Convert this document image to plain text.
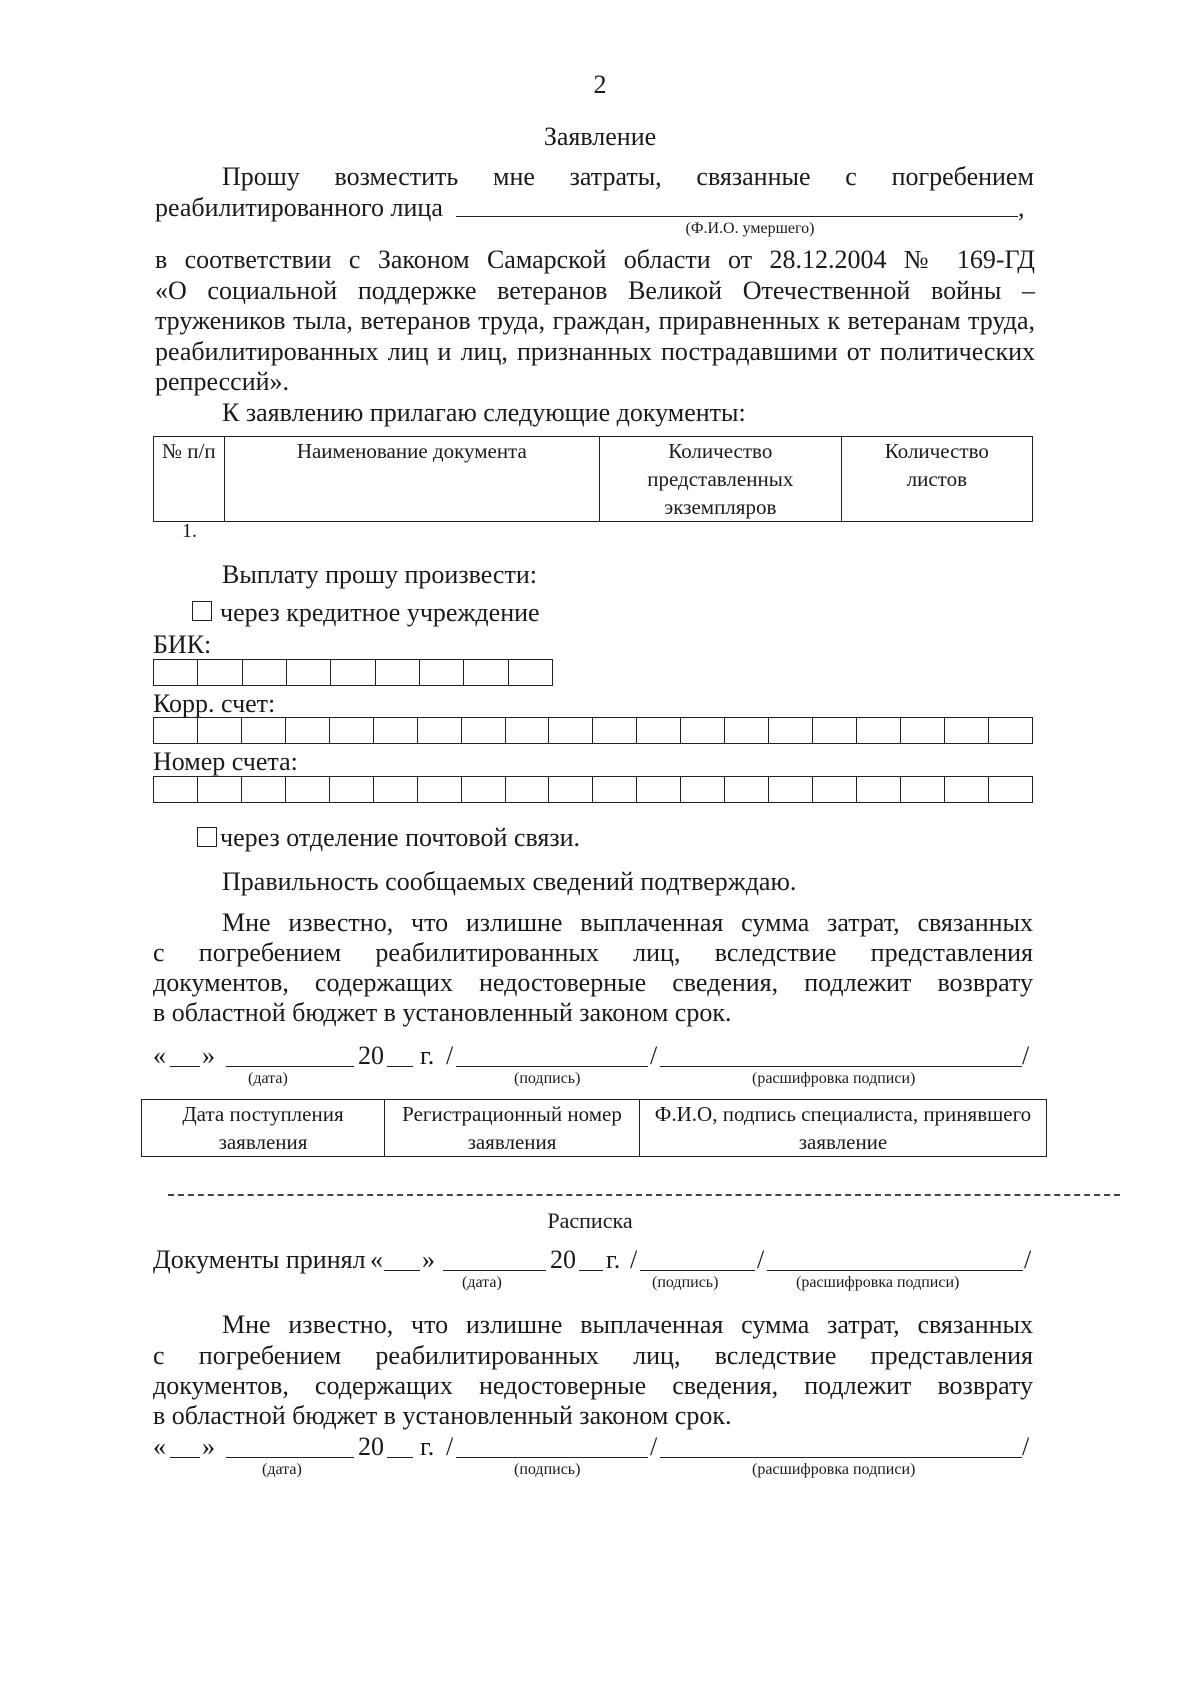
2
Заявление
Прошу возместить мне затраты, связанные с погребением
реабилитированного лица	,
(Ф.И.О. умершего)
в соответствии с Законом Самарской области от 28.12.2004 № 169-ГД
«О социальной поддержке ветеранов Великой Отечественной войны –
тружеников тыла, ветеранов труда, граждан, приравненных к ветеранам труда,
реабилитированных лиц и лиц, признанных пострадавшими от политических
репрессий».
К заявлению прилагаю следующие документы:
№ п/п	Наименование документа	Количество представленных экземпляров	Количество листов
1.
Выплату прошу произвести:
через кредитное учреждение
БИК:

Корр. счет:

Номер счета:

через отделение почтовой связи.
Правильность сообщаемых сведений подтверждаю.
Мне известно, что излишне выплаченная сумма затрат, связанных
с погребением реабилитированных лиц, вследствие представления
документов, содержащих недостоверные сведения, подлежит возврату
в областной бюджет в установленный законом срок.
« »	20 г. /	/	/
(дата)	(подпись)	(расшифровка подписи)
Дата поступления заявления	Регистрационный номер заявления	Ф.И.О, подпись специалиста, принявшего заявление
Расписка
Документы принял « »	20 г. /	/	/
(дата)	(подпись)	(расшифровка подписи)
Мне известно, что излишне выплаченная сумма затрат, связанных
с погребением реабилитированных лиц, вследствие представления
документов, содержащих недостоверные сведения, подлежит возврату
в областной бюджет в установленный законом срок.
« »	20 г. /	/	/
(дата)	(подпись)	(расшифровка подписи)
